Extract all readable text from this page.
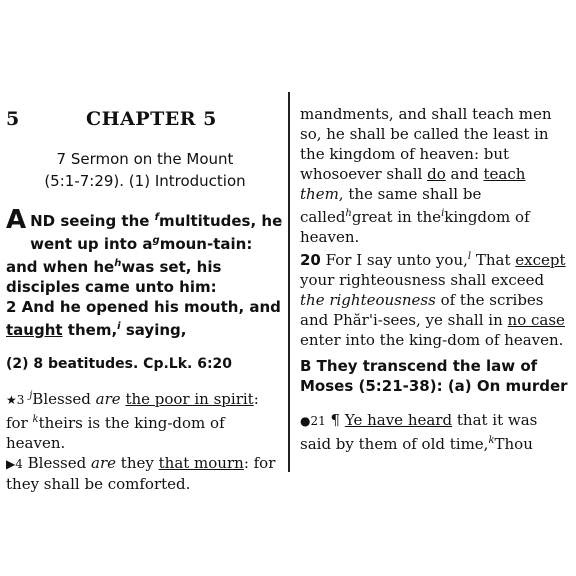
5	CHAPTER 5
7 Sermon on the Mount
(5:1-7:29). (1) Introduction
A ND seeing the $^f$multitudes, he went up into $a^gmoun$-tain: and when $he^hwas$ set, his disciples came unto him:
2 And he opened his mouth, and taught them,$^i$ saying,
(2) 8 beatitudes. Cp.Lk. 6:20
★3 $^j$Blessed are the poor in spirit: for $^k$theirs is the king-dom of heaven.
▶4 Blessed are they that mourn: for they shall be comforted.
mandments, and shall teach men so, he shall be called the least in the kingdom of heaven: but whosoever shall do and teach them, the same shall be called$^h$great in the$^i$kingdom of heaven.
20 For I say unto you,$^l$ That except your righteousness shall exceed the righteousness of the scribes and Phăr'i-sees, ye shall in no case enter into the king-dom of heaven.
B They transcend the law of Moses (5:21-38): (a) On murder
●21 ¶ Ye have heard that it was said by them of old time,$^k$Thou
